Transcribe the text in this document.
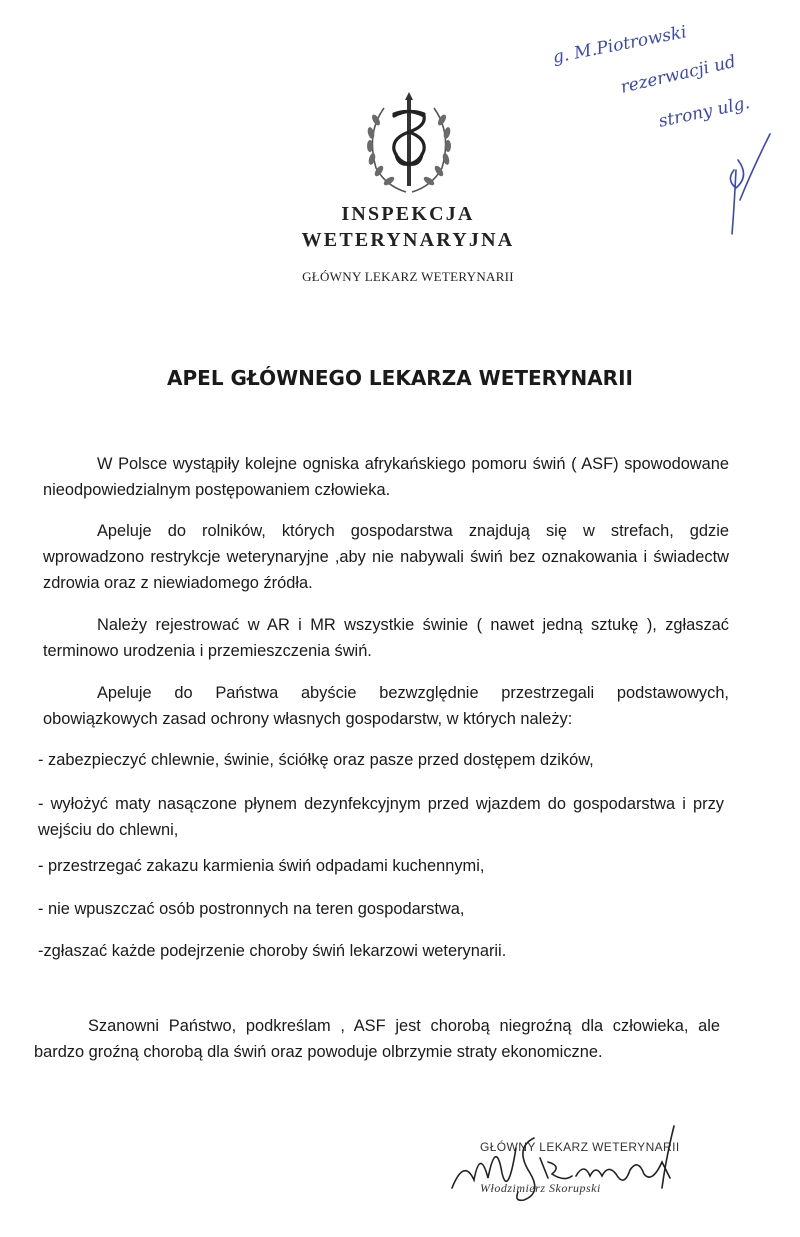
INSPEKCJA
WETERYNARYJNA
GŁÓWNY LEKARZ WETERYNARII
g. M.Piotrowski
rezerwacji ud
strony ulg.
APEL GŁÓWNEGO LEKARZA WETERYNARII
W Polsce wystąpiły kolejne ogniska afrykańskiego pomoru świń ( ASF) spowodowane nieodpowiedzialnym postępowaniem człowieka.
Apeluje do rolników, których gospodarstwa znajdują się w strefach, gdzie wprowadzono restrykcje weterynaryjne ,aby nie nabywali świń bez oznakowania i świadectw zdrowia oraz z niewiadomego źródła.
Należy rejestrować w AR i MR wszystkie świnie ( nawet jedną sztukę ), zgłaszać terminowo urodzenia i przemieszczenia świń.
Apeluje do Państwa abyście bezwzględnie przestrzegali podstawowych, obowiązkowych zasad ochrony własnych gospodarstw, w których należy:
- zabezpieczyć chlewnie, świnie, ściółkę oraz pasze przed dostępem dzików,
- wyłożyć maty nasączone płynem dezynfekcyjnym przed wjazdem do gospodarstwa i przy wejściu do chlewni,
- przestrzegać zakazu karmienia świń odpadami kuchennymi,
- nie wpuszczać osób postronnych na teren gospodarstwa,
-zgłaszać każde podejrzenie choroby świń lekarzowi weterynarii.
Szanowni Państwo, podkreślam , ASF jest chorobą niegroźną dla człowieka, ale bardzo groźną chorobą dla świń oraz powoduje olbrzymie straty ekonomiczne.
GŁÓWNY LEKARZ WETERYNARII
Włodzimierz Skorupski
